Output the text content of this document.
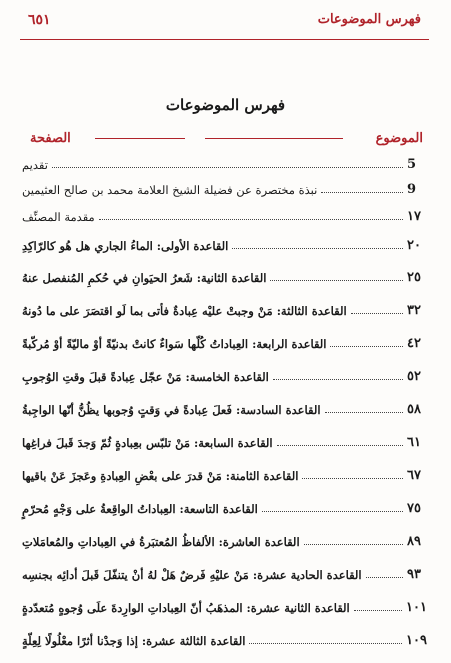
فهرس الموضوعات
٦٥١
فهرس الموضوعات
الموضوع
الصفحة
تقديم	5
نبذة مختصرة عن فضيلة الشيخ العلامة محمد بن صالح العثيمين	9
مقدمة المصنِّف	١٧
القاعدة الأولى: الماءُ الجاري هل هُو كالرّاكِدِ	٢٠
القاعدة الثانية: شَعرُ الحيَوانِ في حُكمِ المُنفصل عنهُ	٢٥
القاعدة الثالثة: مَنْ وجبتْ عليْه عِبادةٌ فأتى بما لَو اقتصَرَ على ما دُونهُ	٣٢
القاعدة الرابعة: العِباداتُ كُلّها سَواءٌ كانتْ بدنيّةً أوْ ماليّةً أوْ مُركّبةً	٤٢
القاعدة الخامسة: مَنْ عجّل عِبادةً قبلَ وقتِ الوُجوبِ	٥٢
القاعدة السادسة: فَعلَ عِبادةً في وَقتٍ وُجوبها يظُنُّ أنّها الواجِبةُ	٥٨
القاعدة السابعة: مَنْ تلبّس بعِبادةٍ ثُمّ وَجدَ قَبلَ فراغِها	٦١
القاعدة الثامنة: مَنْ قدرَ على بعْضِ العِبادةِ وعَجزَ عَنْ باقيها	٦٧
القاعدة التاسعة: العِباداتُ الواقِعةُ على وَجْهٍ مُحرّمٍ	٧٥
القاعدة العاشرة: الألفاظُ المُعتبَرةُ في العِباداتِ والمُعامَلاتِ	٨٩
القاعدة الحادية عشرة: مَنْ عليْهِ فَرضٌ هَلْ لهُ أنْ يتنفّلَ قَبلَ أدائِه بجنسِه	٩٣
القاعدة الثانية عشرة: المذهَبُ أنّ العِباداتِ الوارِدةَ علَى وُجوهٍ مُتعدّدةٍ	١٠١
القاعدة الثالثة عشرة: إذا وَجدْنا أثرًا معْلُولًا لِعِلّةٍ	١٠٩
